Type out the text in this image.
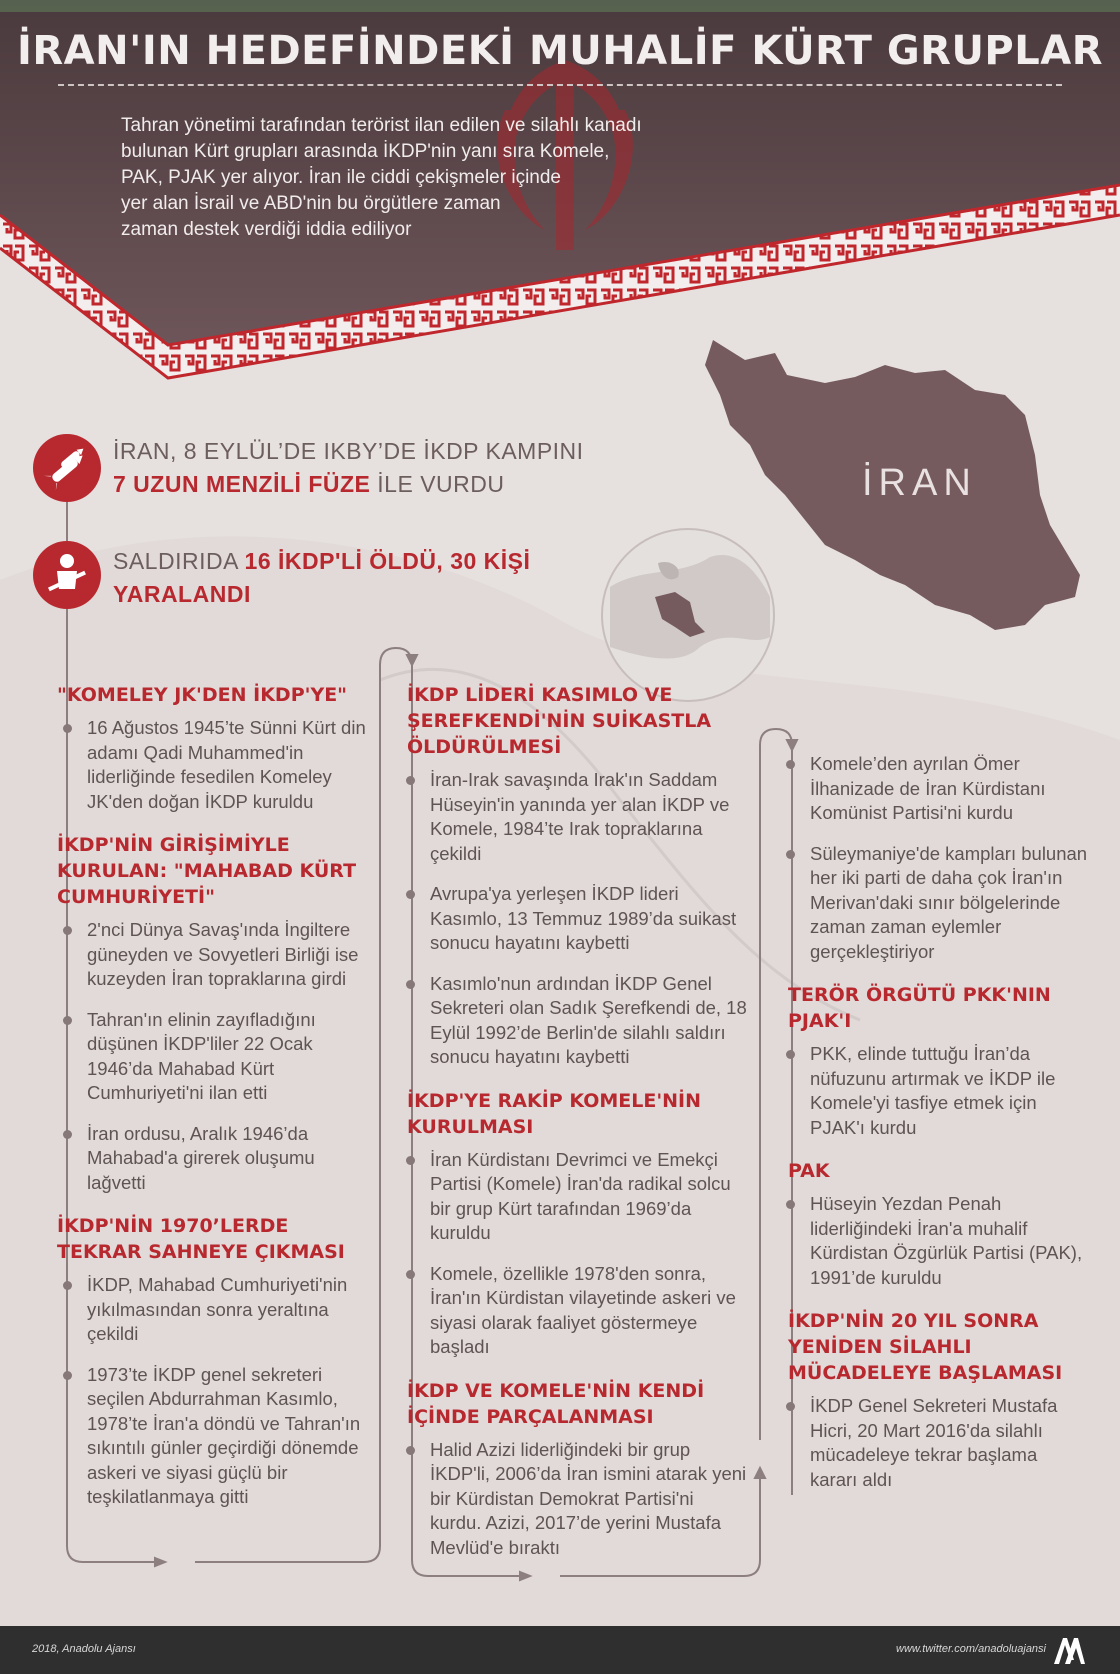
İRAN'IN HEDEFİNDEKİ MUHALİF KÜRT GRUPLAR
Tahran yönetimi tarafından terörist ilan edilen ve silahlı kanadı
bulunan Kürt grupları arasında İKDP'nin yanı sıra Komele,
PAK, PJAK yer alıyor. İran ile ciddi çekişmeler içinde
yer alan İsrail ve ABD'nin bu örgütlere zaman
zaman destek verdiği iddia ediliyor
İRAN
İRAN, 8 EYLÜL’DE IKBY’DE İKDP KAMPINI
7 UZUN MENZİLİ FÜZE İLE VURDU
SALDIRIDA 16 İKDP'Lİ ÖLDÜ, 30 KİŞİ
YARALANDI
"KOMELEY JK'DEN İKDP'YE"
16 Ağustos 1945’te Sünni Kürt din adamı Qadi Muhammed'in liderliğinde fesedilen Komeley JK'den doğan İKDP kuruldu
İKDP'NİN GİRİŞİMİYLE KURULAN: "MAHABAD KÜRT CUMHURİYETİ"
2'nci Dünya Savaş'ında İngiltere güneyden ve Sovyetleri Birliği ise kuzeyden İran topraklarına girdi
Tahran'ın elinin zayıfladığını düşünen İKDP'liler 22 Ocak 1946’da Mahabad Kürt Cumhuriyeti'ni ilan etti
İran ordusu, Aralık 1946’da Mahabad'a girerek oluşumu lağvetti
İKDP'NİN 1970’LERDE TEKRAR SAHNEYE ÇIKMASI
İKDP, Mahabad Cumhuriyeti'nin yıkılmasından sonra yeraltına çekildi
1973’te İKDP genel sekreteri seçilen Abdurrahman Kasımlo, 1978’te İran'a döndü ve Tahran'ın sıkıntılı günler geçirdiği dönemde askeri ve siyasi güçlü bir teşkilatlanmaya gitti
İKDP LİDERİ KASIMLO VE ŞEREFKENDİ'NİN SUİKASTLA ÖLDÜRÜLMESİ
İran-Irak savaşında Irak'ın Saddam Hüseyin'in yanında yer alan İKDP ve Komele, 1984’te Irak topraklarına çekildi
Avrupa'ya yerleşen İKDP lideri Kasımlo, 13 Temmuz 1989’da suikast sonucu hayatını kaybetti
Kasımlo'nun ardından İKDP Genel Sekreteri olan Sadık Şerefkendi de, 18 Eylül 1992’de Berlin'de silahlı saldırı sonucu hayatını kaybetti
İKDP'YE RAKİP KOMELE'NİN KURULMASI
İran Kürdistanı Devrimci ve Emekçi Partisi (Komele) İran'da radikal solcu bir grup Kürt tarafından 1969’da kuruldu
Komele, özellikle 1978'den sonra, İran'ın Kürdistan vilayetinde askeri ve siyasi olarak faaliyet göstermeye başladı
İKDP VE KOMELE'NİN KENDİ İÇİNDE PARÇALANMASI
Halid Azizi liderliğindeki bir grup İKDP'li, 2006’da İran ismini atarak yeni bir Kürdistan Demokrat Partisi'ni kurdu. Azizi, 2017’de yerini Mustafa Mevlüd'e bıraktı
Komele’den ayrılan Ömer İlhanizade de İran Kürdistanı Komünist Partisi'ni kurdu
Süleymaniye'de kampları bulunan her iki parti de daha çok İran'ın Merivan'daki sınır bölgelerinde zaman zaman eylemler gerçekleştiriyor
TERÖR ÖRGÜTÜ PKK'NIN PJAK'I
PKK, elinde tuttuğu İran’da nüfuzunu artırmak ve İKDP ile Komele'yi tasfiye etmek için PJAK'ı kurdu
PAK
Hüseyin Yezdan Penah liderliğindeki İran'a muhalif Kürdistan Özgürlük Partisi (PAK), 1991’de kuruldu
İKDP'NİN 20 YIL SONRA YENİDEN SİLAHLI MÜCADELEYE BAŞLAMASI
İKDP Genel Sekreteri Mustafa Hicri, 20 Mart 2016'da silahlı mücadeleye tekrar başlama kararı aldı
2018, Anadolu Ajansı	www.twitter.com/anadoluajansi
